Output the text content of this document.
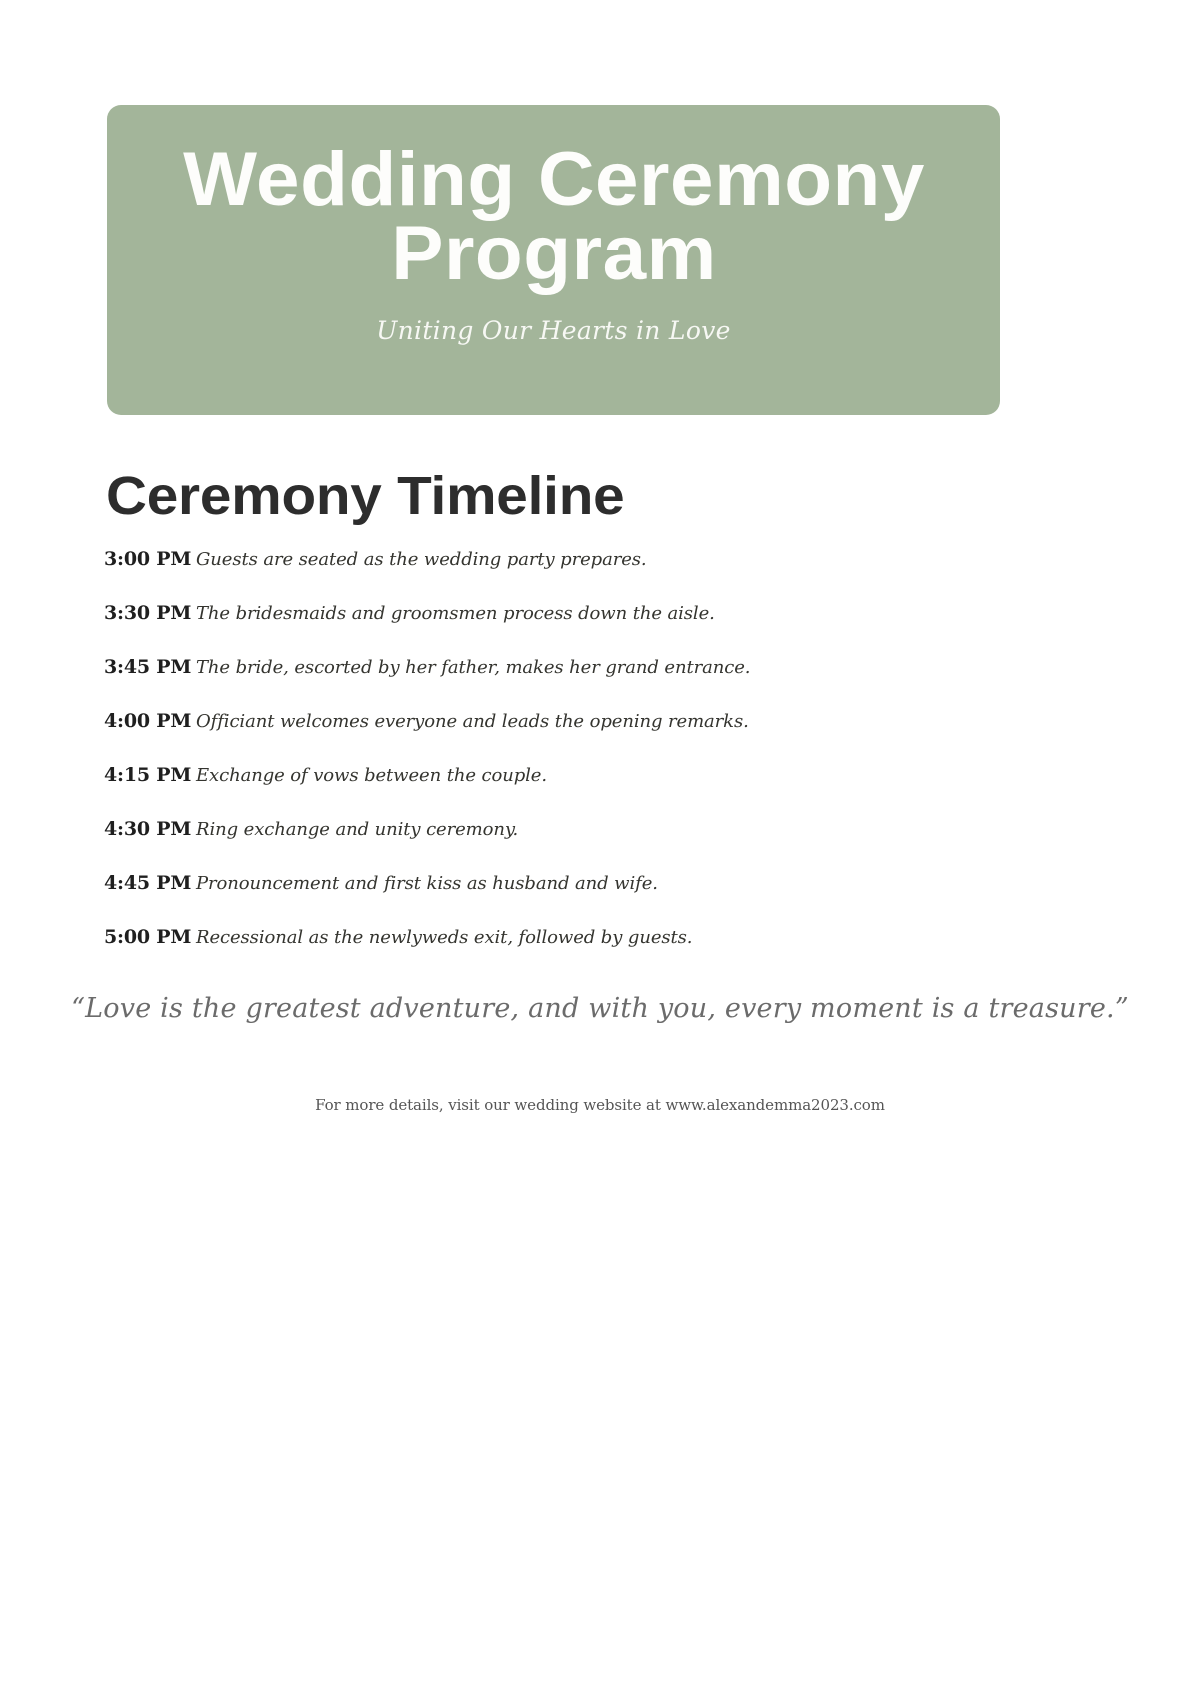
Wedding Ceremony Program
Uniting Our Hearts in Love
Ceremony Timeline
3:00 PM Guests are seated as the wedding party prepares.
3:30 PM The bridesmaids and groomsmen process down the aisle.
3:45 PM The bride, escorted by her father, makes her grand entrance.
4:00 PM Officiant welcomes everyone and leads the opening remarks.
4:15 PM Exchange of vows between the couple.
4:30 PM Ring exchange and unity ceremony.
4:45 PM Pronouncement and first kiss as husband and wife.
5:00 PM Recessional as the newlyweds exit, followed by guests.
“Love is the greatest adventure, and with you, every moment is a treasure.”
For more details, visit our wedding website at www.alexandemma2023.com
